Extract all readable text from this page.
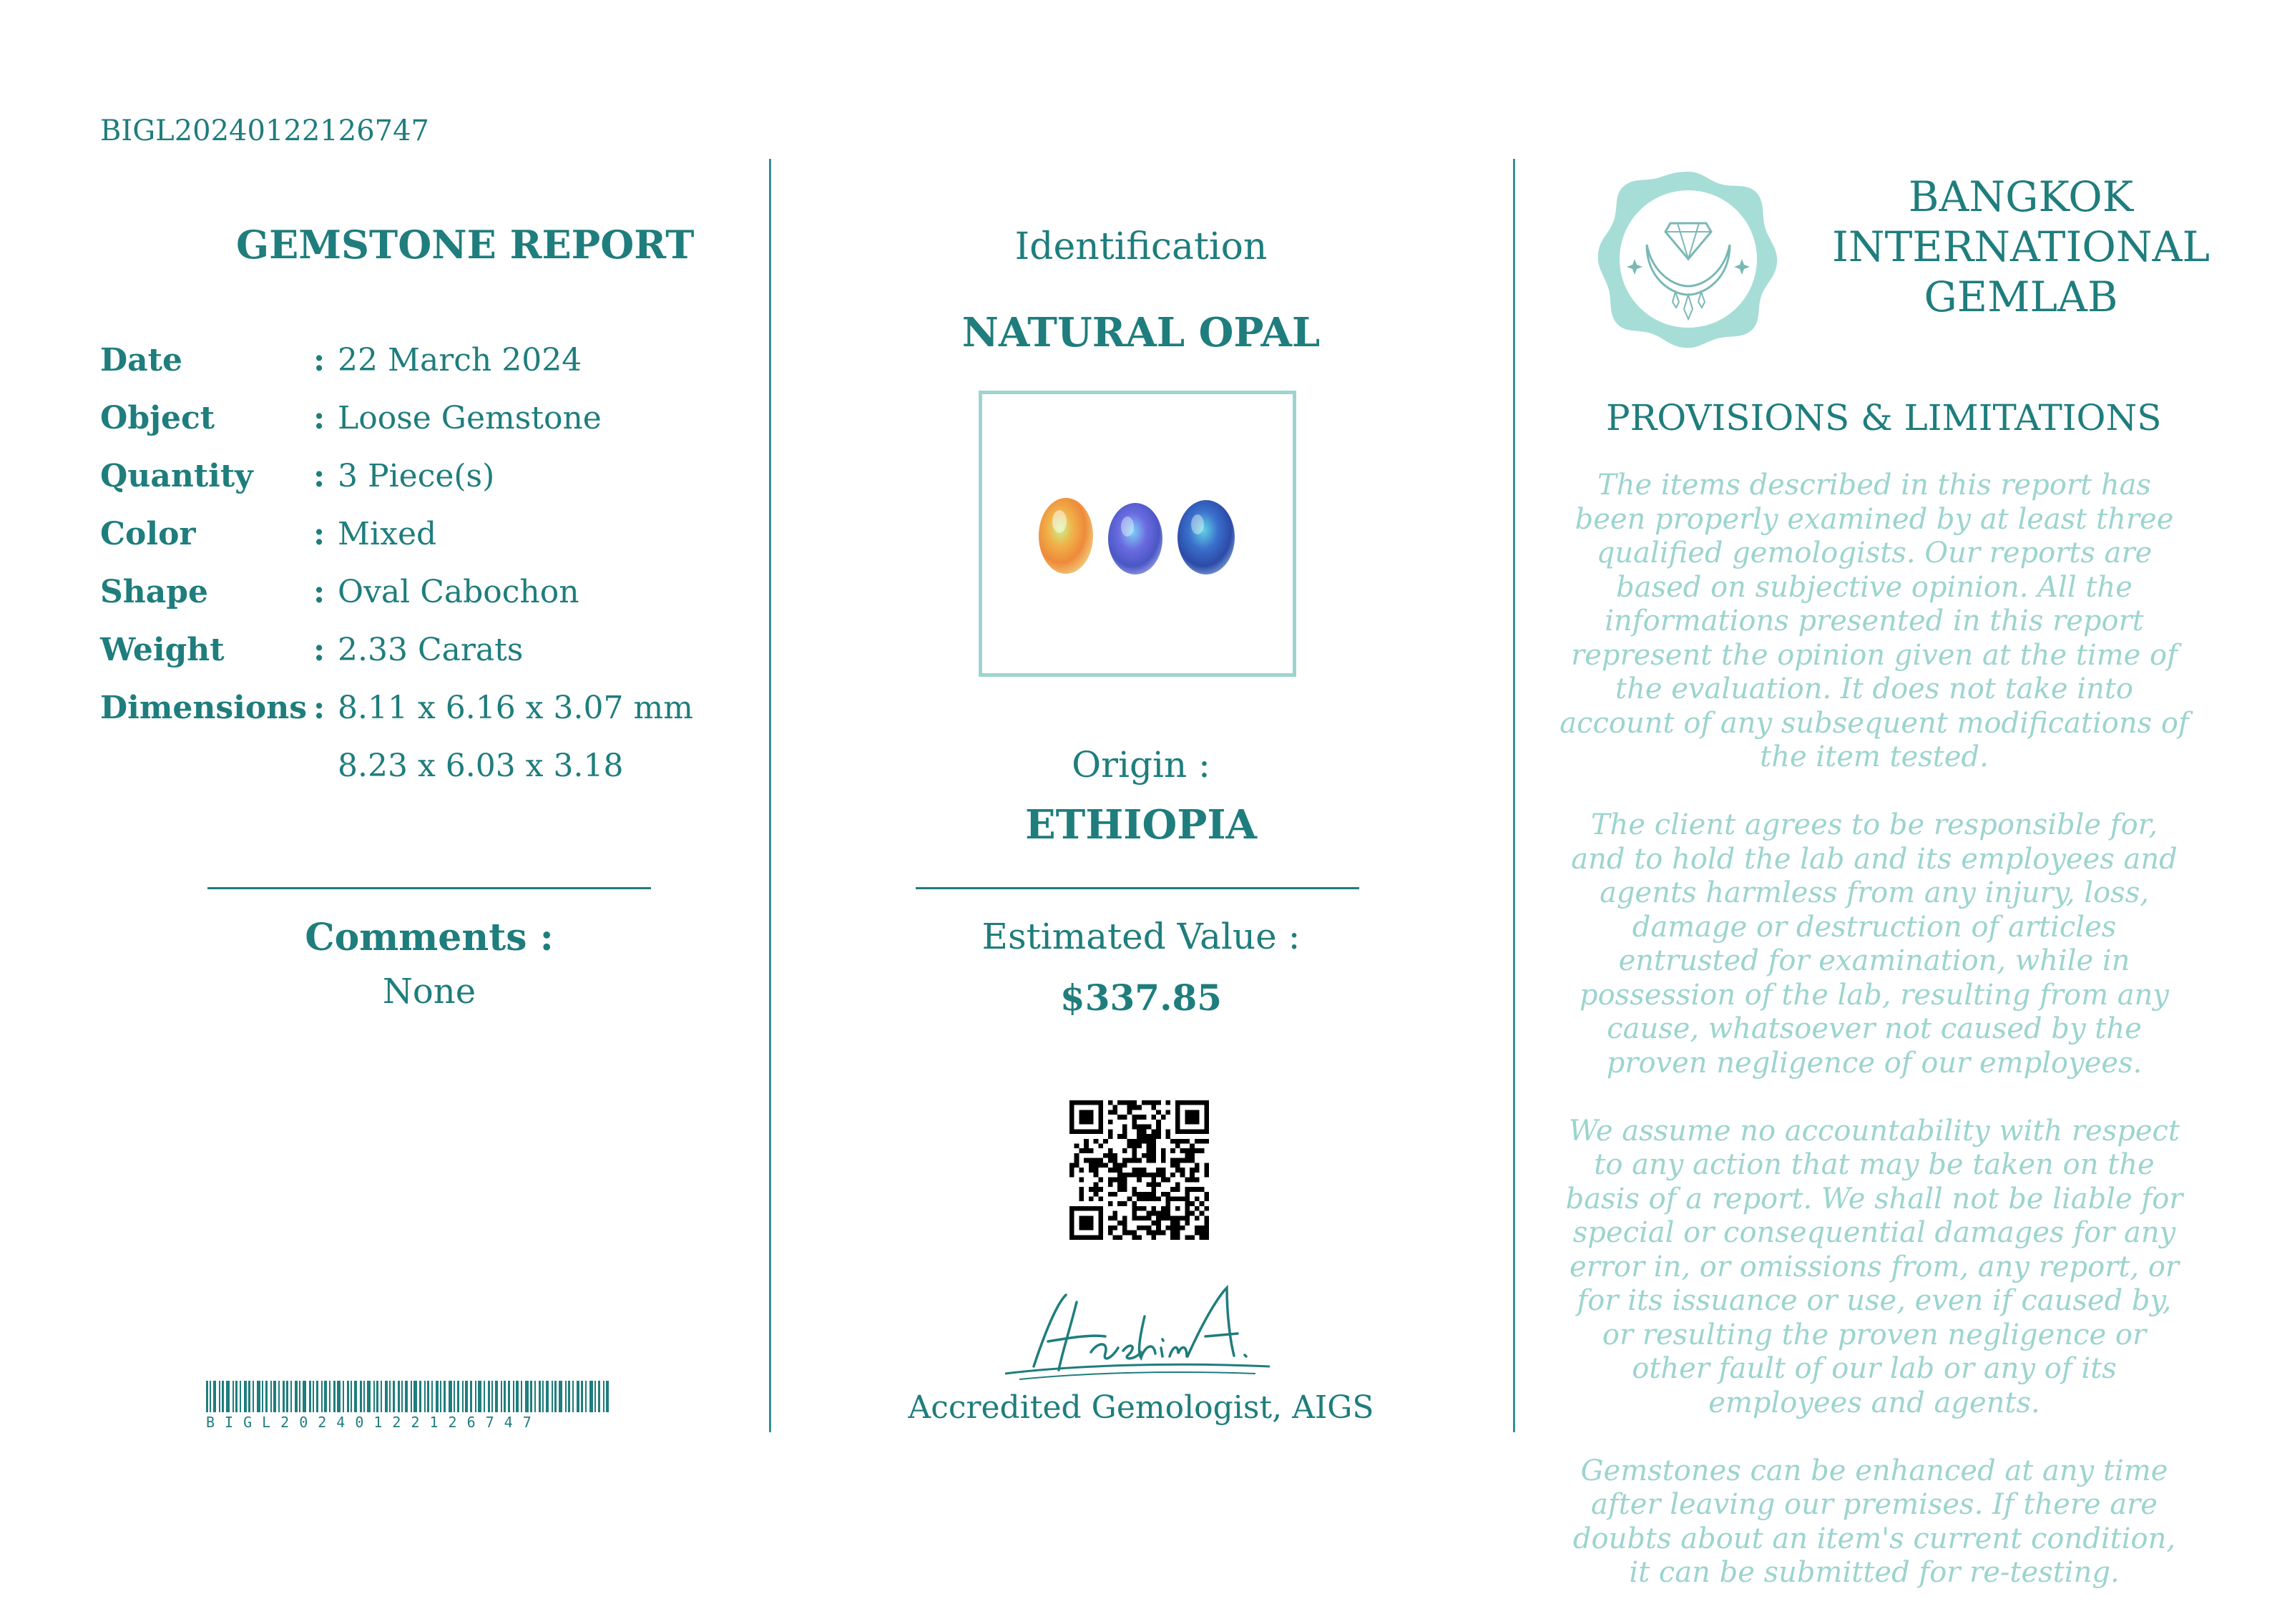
BIGL20240122126747
GEMSTONE REPORT
Date	: 22 March 2024
Object	: Loose Gemstone
Quantity : 3 Piece(s)
Color	: Mixed
Shape	: Oval Cabochon
Weight	: 2.33 Carats
Dimensions : 8.11 x 6.16 x 3.07 mm
8.23 x 6.03 x 3.18
Comments :
None
BIGL20240122126747
Identification
NATURAL OPAL
Origin :
ETHIOPIA
Estimated Value :
$337.85
Accredited Gemologist, AIGS
BANGKOK
INTERNATIONAL
GEMLAB
PROVISIONS & LIMITATIONS

The items described in this report has been properly examined by at least three qualified gemologists. Our reports are based on subjective opinion. All the informations presented in this report represent the opinion given at the time of the evaluation. It does not take into account of any subsequent modifications of the item tested.

The client agrees to be responsible for, and to hold the lab and its employees and agents harmless from any injury, loss, damage or destruction of articles entrusted for examination, while in possession of the lab, resulting from any cause, whatsoever not caused by the proven negligence of our employees.

We assume no accountability with respect to any action that may be taken on the basis of a report. We shall not be liable for special or consequential damages for any error in, or omissions from, any report, or for its issuance or use, even if caused by, or resulting the proven negligence or other fault of our lab or any of its employees and agents.

Gemstones can be enhanced at any time after leaving our premises. If there are doubts about an item's current condition, it can be submitted for re-testing.
